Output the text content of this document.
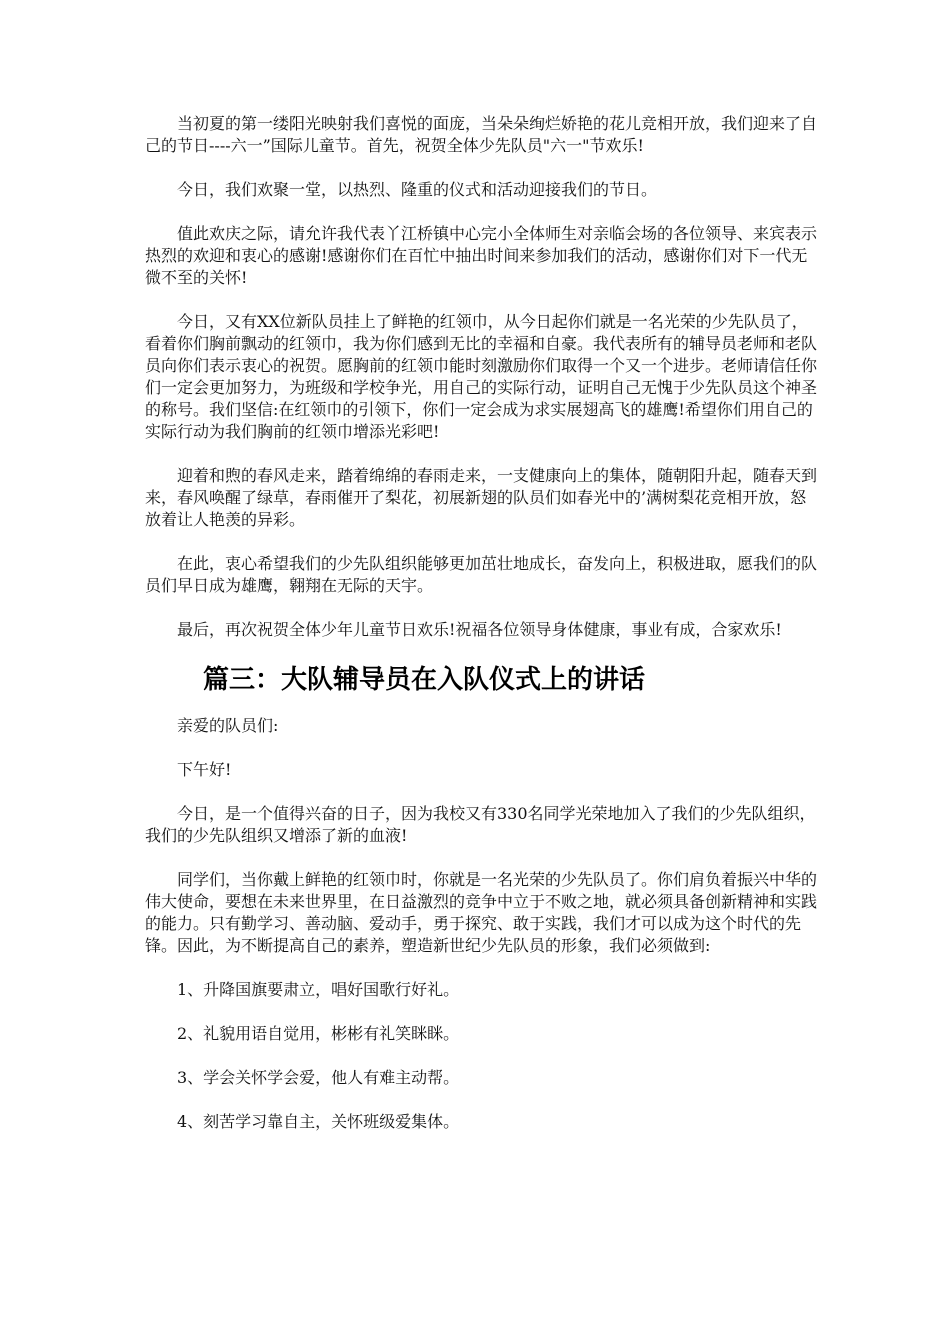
当初夏的第一缕阳光映射我们喜悦的面庞，当朵朵绚烂娇艳的花儿竞相开放，我们迎来了自己的节日----六一”国际儿童节。首先，祝贺全体少先队员"六一"节欢乐!

今日，我们欢聚一堂，以热烈、隆重的仪式和活动迎接我们的节日。

值此欢庆之际，请允许我代表丫江桥镇中心完小全体师生对亲临会场的各位领导、来宾表示热烈的欢迎和衷心的感谢!感谢你们在百忙中抽出时间来参加我们的活动，感谢你们对下一代无微不至的关怀!

今日，又有XX位新队员挂上了鲜艳的红领巾，从今日起你们就是一名光荣的少先队员了，看着你们胸前飘动的红领巾，我为你们感到无比的幸福和自豪。我代表所有的辅导员老师和老队员向你们表示衷心的祝贺。愿胸前的红领巾能时刻激励你们取得一个又一个进步。老师请信任你们一定会更加努力，为班级和学校争光，用自己的实际行动，证明自己无愧于少先队员这个神圣的称号。我们坚信:在红领巾的引领下，你们一定会成为求实展翅高飞的雄鹰!希望你们用自己的实际行动为我们胸前的红领巾增添光彩吧!

迎着和煦的春风走来，踏着绵绵的春雨走来，一支健康向上的集体，随朝阳升起，随春天到来，春风唤醒了绿草，春雨催开了梨花，初展新翅的队员们如春光中的’满树梨花竞相开放，怒放着让人艳羡的异彩。

在此，衷心希望我们的少先队组织能够更加茁壮地成长，奋发向上，积极进取，愿我们的队员们早日成为雄鹰，翱翔在无际的天宇。

最后，再次祝贺全体少年儿童节日欢乐!祝福各位领导身体健康，事业有成，合家欢乐!

篇三：大队辅导员在入队仪式上的讲话

亲爱的队员们:

下午好!

今日，是一个值得兴奋的日子，因为我校又有330名同学光荣地加入了我们的少先队组织，我们的少先队组织又增添了新的血液!

同学们，当你戴上鲜艳的红领巾时，你就是一名光荣的少先队员了。你们肩负着振兴中华的伟大使命，要想在未来世界里，在日益激烈的竞争中立于不败之地，就必须具备创新精神和实践的能力。只有勤学习、善动脑、爱动手，勇于探究、敢于实践，我们才可以成为这个时代的先锋。因此，为不断提高自己的素养，塑造新世纪少先队员的形象，我们必须做到:

1、升降国旗要肃立，唱好国歌行好礼。

2、礼貌用语自觉用，彬彬有礼笑眯眯。

3、学会关怀学会爱，他人有难主动帮。

4、刻苦学习靠自主，关怀班级爱集体。
